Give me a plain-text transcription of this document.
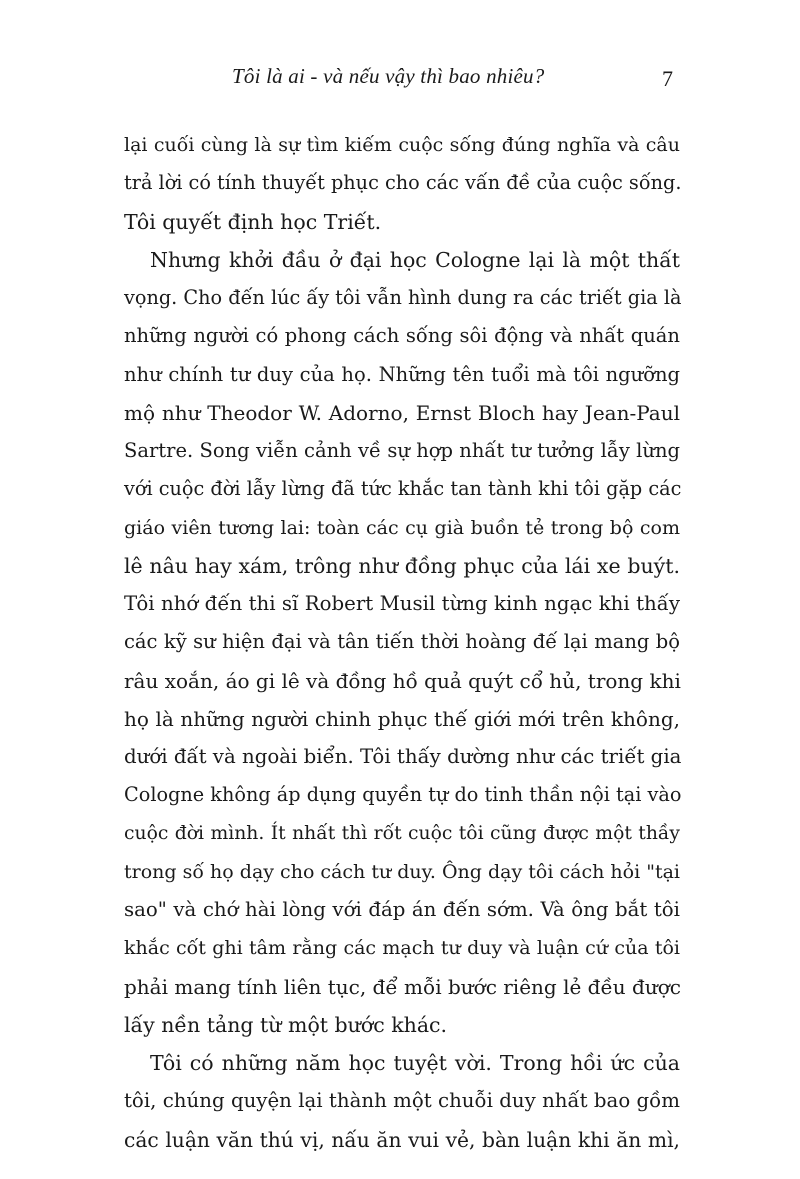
Tôi là ai - và nếu vậy thì bao nhiêu?	7
lại cuối cùng là sự tìm kiếm cuộc sống đúng nghĩa và câu
trả lời có tính thuyết phục cho các vấn đề của cuộc sống.
Tôi quyết định học Triết.
Nhưng khởi đầu ở đại học Cologne lại là một thất
vọng. Cho đến lúc ấy tôi vẫn hình dung ra các triết gia là
những người có phong cách sống sôi động và nhất quán
như chính tư duy của họ. Những tên tuổi mà tôi ngưỡng
mộ như Theodor W. Adorno, Ernst Bloch hay Jean-Paul
Sartre. Song viễn cảnh về sự hợp nhất tư tưởng lẫy lừng
với cuộc đời lẫy lừng đã tức khắc tan tành khi tôi gặp các
giáo viên tương lai: toàn các cụ già buồn tẻ trong bộ com
lê nâu hay xám, trông như đồng phục của lái xe buýt.
Tôi nhớ đến thi sĩ Robert Musil từng kinh ngạc khi thấy
các kỹ sư hiện đại và tân tiến thời hoàng đế lại mang bộ
râu xoắn, áo gi lê và đồng hồ quả quýt cổ hủ, trong khi
họ là những người chinh phục thế giới mới trên không,
dưới đất và ngoài biển. Tôi thấy dường như các triết gia
Cologne không áp dụng quyền tự do tinh thần nội tại vào
cuộc đời mình. Ít nhất thì rốt cuộc tôi cũng được một thầy
trong số họ dạy cho cách tư duy. Ông dạy tôi cách hỏi "tại
sao" và chớ hài lòng với đáp án đến sớm. Và ông bắt tôi
khắc cốt ghi tâm rằng các mạch tư duy và luận cứ của tôi
phải mang tính liên tục, để mỗi bước riêng lẻ đều được
lấy nền tảng từ một bước khác.
Tôi có những năm học tuyệt vời. Trong hồi ức của
tôi, chúng quyện lại thành một chuỗi duy nhất bao gồm
các luận văn thú vị, nấu ăn vui vẻ, bàn luận khi ăn mì,
